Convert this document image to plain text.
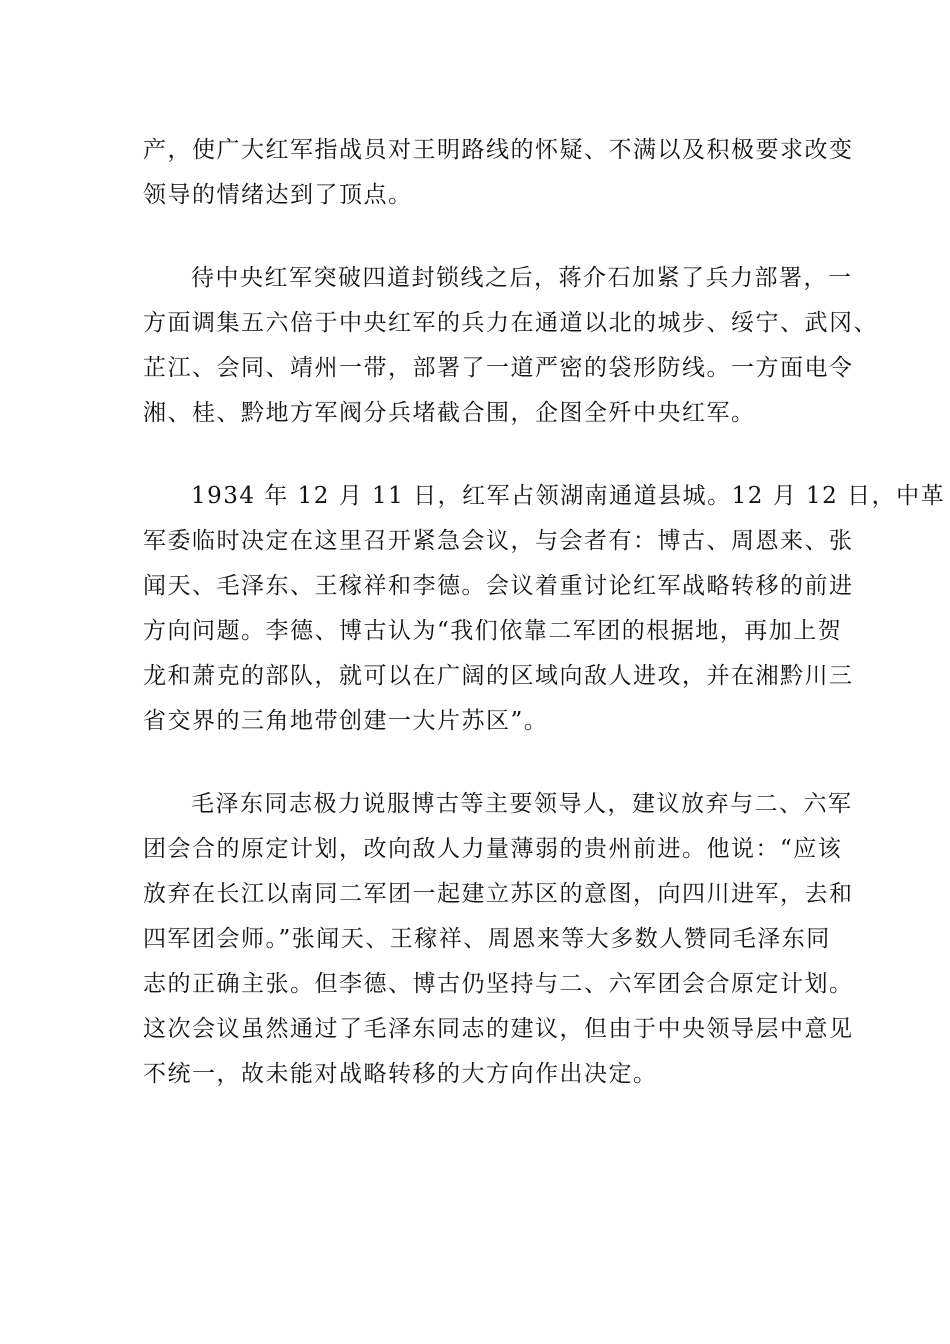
产，使广大红军指战员对王明路线的怀疑、不满以及积极要求改变
领导的情绪达到了顶点。

待中央红军突破四道封锁线之后，蒋介石加紧了兵力部署，一
方面调集五六倍于中央红军的兵力在通道以北的城步、绥宁、武冈、
芷江、会同、靖州一带，部署了一道严密的袋形防线。一方面电令
湘、桂、黔地方军阀分兵堵截合围，企图全歼中央红军。

1934 年 12 月 11 日，红军占领湖南通道县城。12 月 12 日，中革
军委临时决定在这里召开紧急会议，与会者有：博古、周恩来、张
闻天、毛泽东、王稼祥和李德。会议着重讨论红军战略转移的前进
方向问题。李德、博古认为“我们依靠二军团的根据地，再加上贺
龙和萧克的部队，就可以在广阔的区域向敌人进攻，并在湘黔川三
省交界的三角地带创建一大片苏区”。

毛泽东同志极力说服博古等主要领导人，建议放弃与二、六军
团会合的原定计划，改向敌人力量薄弱的贵州前进。他说：“应该
放弃在长江以南同二军团一起建立苏区的意图，向四川进军，去和
四军团会师。”张闻天、王稼祥、周恩来等大多数人赞同毛泽东同
志的正确主张。但李德、博古仍坚持与二、六军团会合原定计划。
这次会议虽然通过了毛泽东同志的建议，但由于中央领导层中意见
不统一，故未能对战略转移的大方向作出决定。
